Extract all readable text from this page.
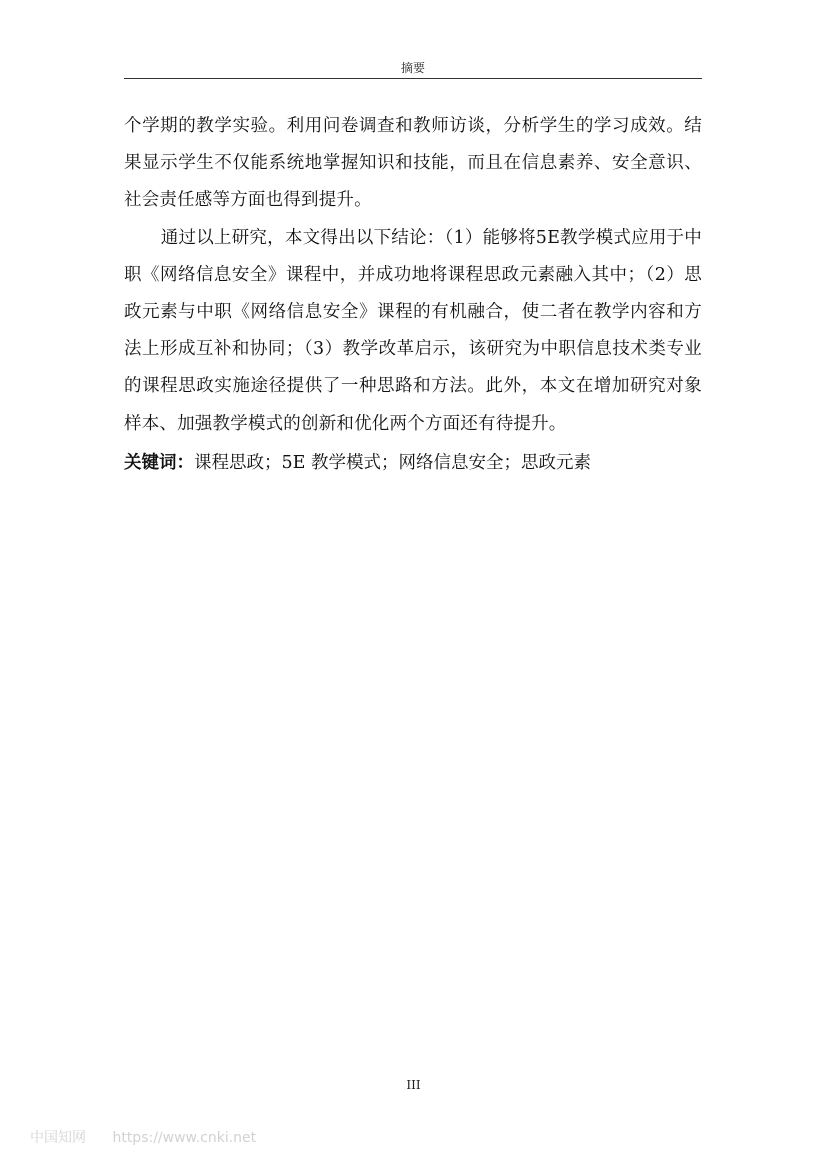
摘要

个学期的教学实验。利用问卷调查和教师访谈，分析学生的学习成效。结果显示学生不仅能系统地掌握知识和技能，而且在信息素养、安全意识、社会责任感等方面也得到提升。

通过以上研究，本文得出以下结论：（1）能够将5E教学模式应用于中职《网络信息安全》课程中，并成功地将课程思政元素融入其中；（2）思政元素与中职《网络信息安全》课程的有机融合，使二者在教学内容和方法上形成互补和协同；（3）教学改革启示，该研究为中职信息技术类专业的课程思政实施途径提供了一种思路和方法。此外，本文在增加研究对象样本、加强教学模式的创新和优化两个方面还有待提升。

关键词：课程思政；5E 教学模式；网络信息安全；思政元素

III
中国知网 https://www.cnki.net
